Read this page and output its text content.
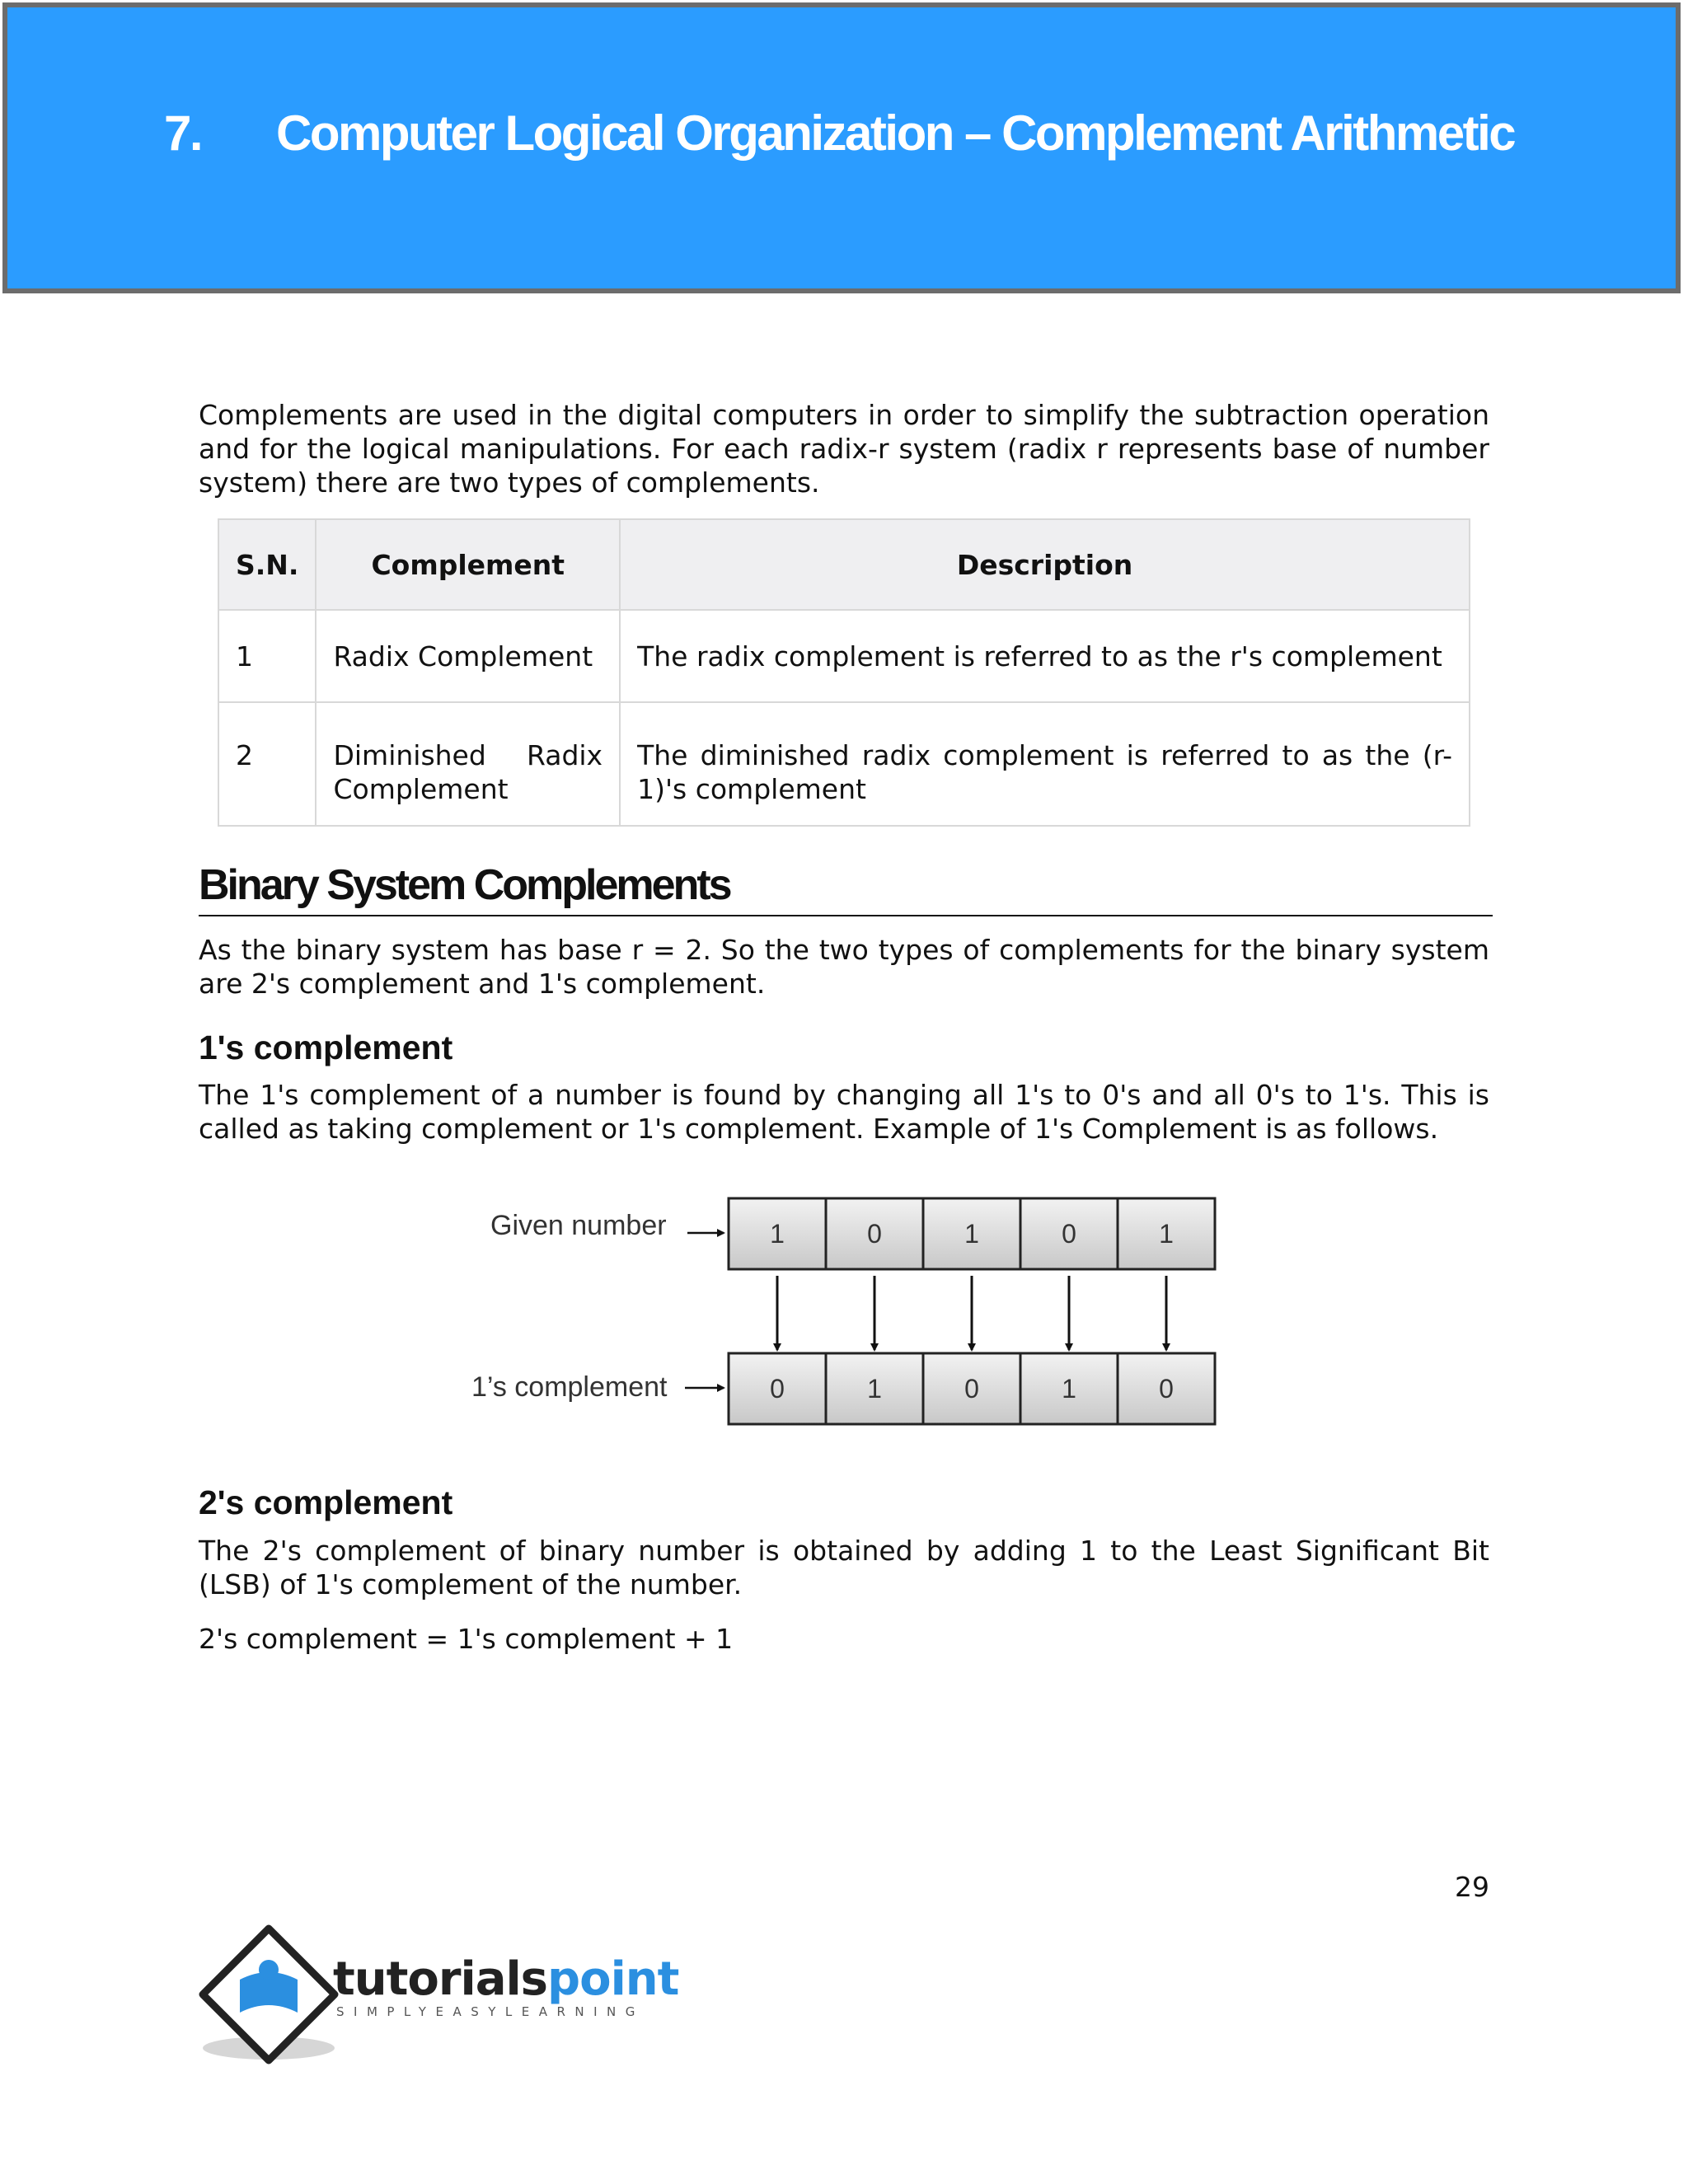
7. Computer Logical Organization – Complement Arithmetic

Complements are used in the digital computers in order to simplify the subtraction operation and for the logical manipulations. For each radix-r system (radix r represents base of number system) there are two types of complements.

S.N.	Complement	Description
1	Radix Complement	The radix complement is referred to as the r's complement
2	Diminished Radix Complement	The diminished radix complement is referred to as the (r-1)'s complement
Binary System Complements

As the binary system has base r = 2. So the two types of complements for the binary system are 2's complement and 1's complement.

1's complement

The 1's complement of a number is found by changing all 1's to 0's and all 0's to 1's. This is called as taking complement or 1's complement. Example of 1's Complement is as follows.

Given number
1’s complement
1	0	1	0	1
0	1	0	1	0
2's complement

The 2's complement of binary number is obtained by adding 1 to the Least Significant Bit (LSB) of 1's complement of the number.

2's complement = 1's complement + 1

29
tutorialspoint
SIMPLYEASYLEARNING
